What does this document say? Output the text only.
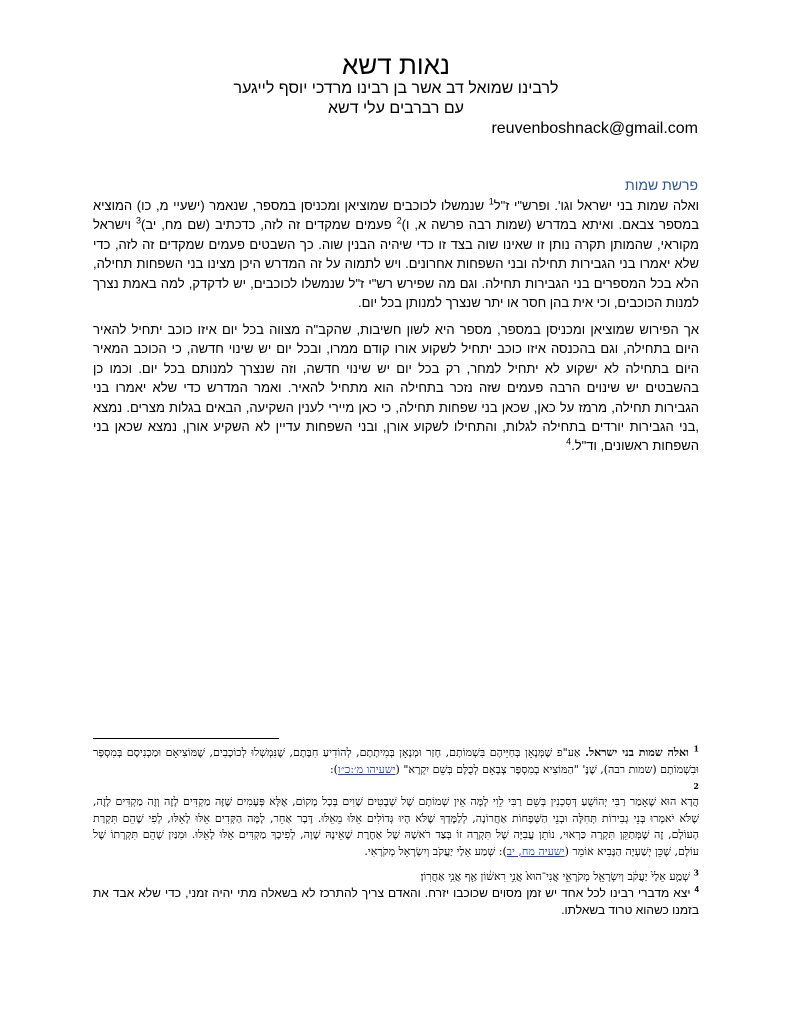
נאות דשא
לרבינו שמואל דב אשר בן רבינו מרדכי יוסף לייגער
עם רברבים עלי דשא
reuvenboshnack@gmail.com
פרשת שמות

ואלה שמות בני ישראל וגו'. ופרש"י ז"ל$^1$ שנמשלו לכוכבים שמוציאן ומכניסן במספר, שנאמר (ישעיי מ, כו) המוציא במספר צבאם. ואיתא במדרש (שמות רבה פרשה א, ו)$^2$ פעמים שמקדים זה לזה, כדכתיב (שם מח, יב)$^3$ וישראל מקוראי, שהמותן תקרה נותן זו שאינו שוה בצד זו כדי שיהיה הבנין שוה. כך השבטים פעמים שמקדים זה לזה, כדי שלא יאמרו בני הגבירות תחילה ובני השפחות אחרונים. ויש לתמוה על זה המדרש היכן מצינו בני השפחות תחילה, הלא בכל המספרים בני הגבירות תחילה. וגם מה שפירש רש"י ז"ל שנמשלו לכוכבים, יש לדקדק, למה באמת נצרך למנות הכוכבים, וכי אית בהן חסר או יתר שנצרך למנותן בכל יום.

אך הפירוש שמוציאן ומכניסן במספר, מספר היא לשון חשיבות, שהקב"ה מצווה בכל יום איזו כוכב יתחיל להאיר היום בתחילה, וגם בהכנסה איזו כוכב יתחיל לשקוע אורו קודם ממרו, ובכל יום יש שינוי חדשה, כי הכוכב המאיר היום בתחילה לא ישקוע לא יתחיל למחר, רק בכל יום יש שינוי חדשה, וזה שנצרך למנותם בכל יום. וכמו כן בהשבטים יש שינוים הרבה פעמים שזה נזכר בתחילה הוא מתחיל להאיר. ואמר המדרש כדי שלא יאמרו בני הגבירות תחילה, מרמז על כאן, שכאן בני שפחות תחילה, כי כאן מיירי לענין השקיעה, הבאים בגלות מצרים. נמצא ,בני הגבירות יורדים בתחילה לגלות, והתחילו לשקוע אורן, ובני השפחות עדיין לא השקיע אורן, נמצא שכאן בני השפחות ראשונים, וד"ל.$^4$

$^1$ ואלה שמות בני ישראל. אַע"פ שֶׁמְּנָאָן בְּחַיֵּיהֶם בִּשְׁמוֹתָם, חָזַר וּמְנָאָן בְּמִיתָתָם, לְהוֹדִיעַ חִבָּתָם, שֶׁנִּמְשְׁלוּ לְכוֹכָבִים, שֶׁמּוֹצִיאָם וּמַכְנִיסָם בְּמִסְפָּר וּבִשְׁמוֹתָם (שמות רבה), שֶׁנֶּ' "הַמּוֹצִיא בְמִסְפָּר צְבָאָם לְכֻלָּם בְּשֵׁם יִקְרָא" (ישעיהו מ׳:כ״ו):

2

הֲדָא הוּא שֶׁאָמַר רַבִּי יְהוֹשֻׁעַ דְּסִכְנִין בְּשֵׁם רַבִּי לֵוִי לָמָּה אֵין שְׁמוֹתָם שֶׁל שְׁבָטִים שָׁוִים בְּכָל מָקוֹם, אֶלָּא פְּעָמִים שֶׁזֶּה מַקְדִּים לָזֶה וְזֶה מַקְדִּים לָזֶה, שֶׁלֹּא יֹאמְרוּ בְּנֵי גְבִירוֹת תְּחִלָּה וּבְנֵי הַשְּׁפָחוֹת אַחֲרוֹנָה, לְלַמֶּדְךָ שֶׁלֹּא הָיוּ גְּדוֹלִים אֵלּוּ מֵאֵלּוּ. דָּבָר אַחֵר, לָמָּה הַקְּדִים אֵלּוּ לָאֵלּוּ, לְפִי שֶׁהֵם תִּקְרַת הָעוֹלָם, זֶה שֶׁמְּתַקֵּן תִּקְרָה כַּרְאוּי, נוֹתֵן עֲבִיָּה שֶׁל תִּקְרָה זוֹ בְּצַד רֹאשָׁהּ שֶׁל אַחֶרֶת שֶׁאֵינָהּ שָׁוָה, לְפִיכָךְ מַקְדִּים אֵלּוּ לָאֵלּוּ. וּמִנַּיִן שֶׁהֵם תִּקְרָתוֹ שֶׁל עוֹלָם, שֶׁכֵּן יְשַׁעְיָה הַנָּבִיא אוֹמֵר (ישעיה מח, יב): שְׁמַע אֵלַי יַעֲקֹב וְיִשְׂרָאֵל מְקֹרָאִי.

$^3$ שְׁמַ֤ע אֵלַי֙ יַעֲקֹ֔ב וְיִשְׂרָאֵ֖ל מְקֹרָאִ֑י אֲנִי־הוּא֙ אֲנִ֣י רִאשׁ֔וֹן אַ֖ף אֲנִ֥י אַחֲרֽוֹן׃

$^4$ יצא מדברי רבינו לכל אחד יש זמן מסוים שכוכבו יזרח. והאדם צריך להתרכז לא בשאלה מתי יהיה זמני, כדי שלא אבד את בזמנו כשהוא טרוד בשאלתו.
